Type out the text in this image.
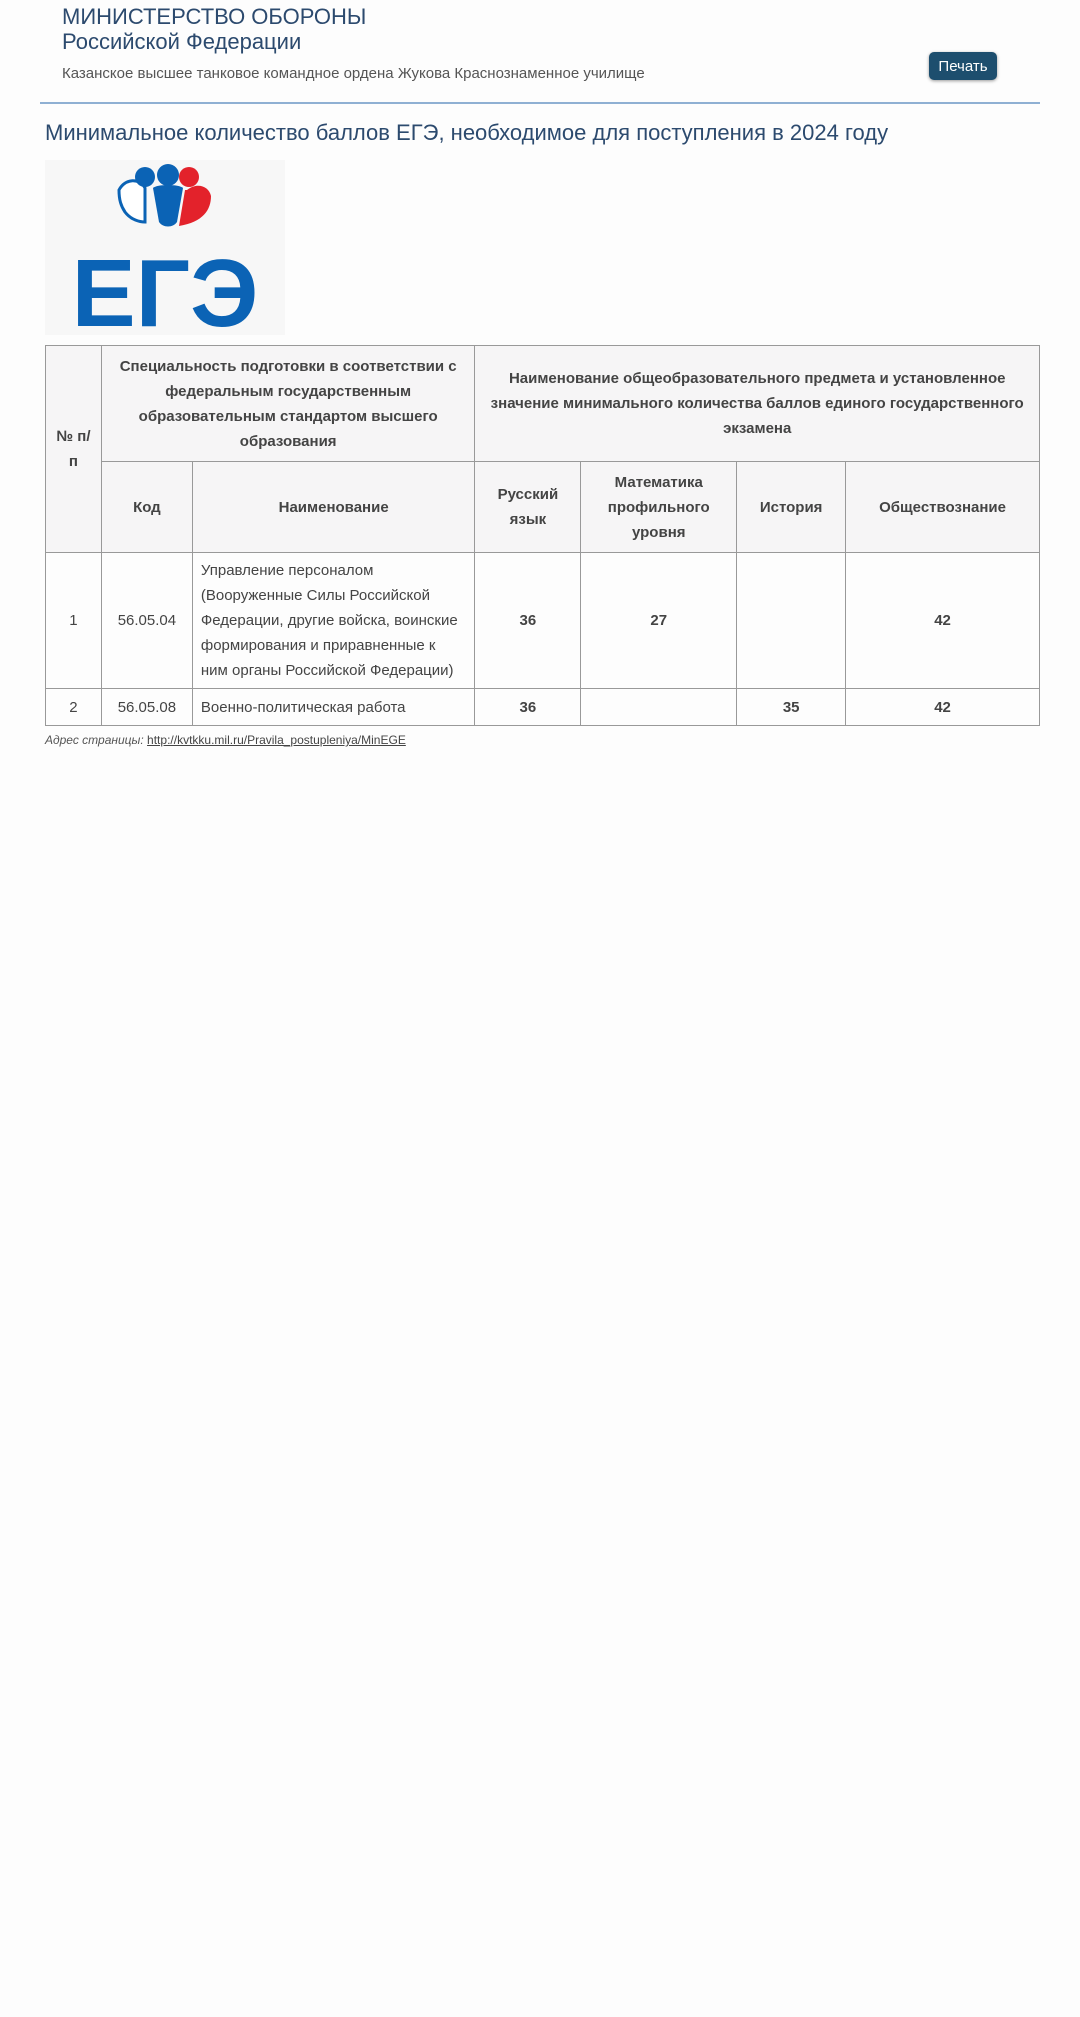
МИНИСТЕРСТВО ОБОРОНЫ
Российской Федерации
Казанское высшее танковое командное ордена Жукова Краснознаменное училище	Печать
Минимальное количество баллов ЕГЭ, необходимое для поступления в 2024 году
ЕГЭ
№ п/п	Специальность подготовки в соответствии с федеральным государственным образовательным стандартом высшего образования		Наименование общеобразовательного предмета и установленное значение минимального количества баллов единого государственного экзамена			
	Код	Наименование	Русский язык	Математика профильного уровня	История	Обществознание
1	56.05.04	Управление персоналом (Вооруженные Силы Российской Федерации, другие войска, воинские формирования и приравненные к ним органы Российской Федерации)	36	27		42
2	56.05.08	Военно-политическая работа	36		35	42
Адрес страницы: http://kvtkku.mil.ru/Pravila_postupleniya/MinEGE
